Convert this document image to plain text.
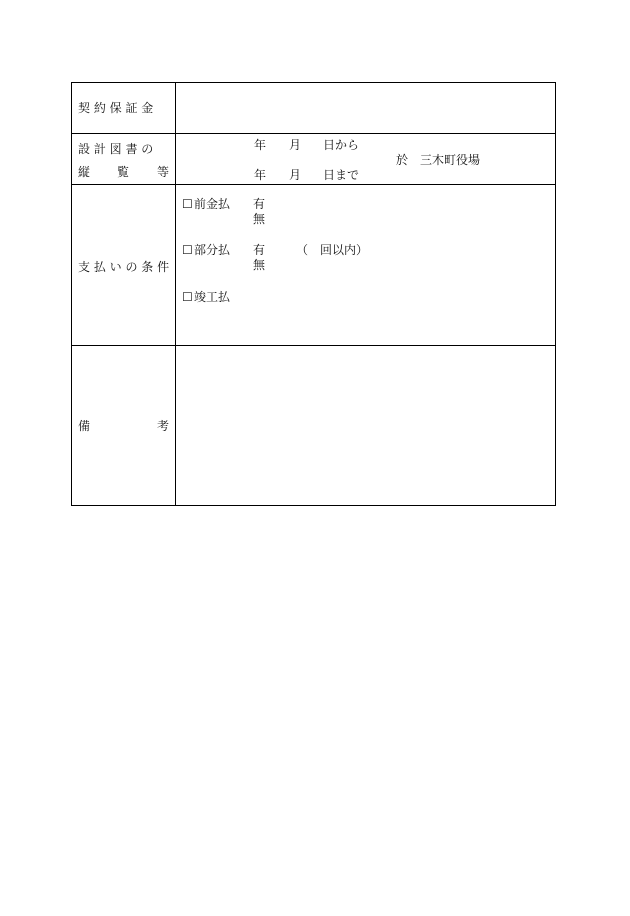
契 約 保 証 金
設 計 図 書 の
縦 覧 等
年 月 日から
年 月 日まで
於 三木町役場
支 払 い の 条 件
☐ 前金払 有
無
☐ 部分払 有
無
（　回以内）
☐ 竣工払
備	考
